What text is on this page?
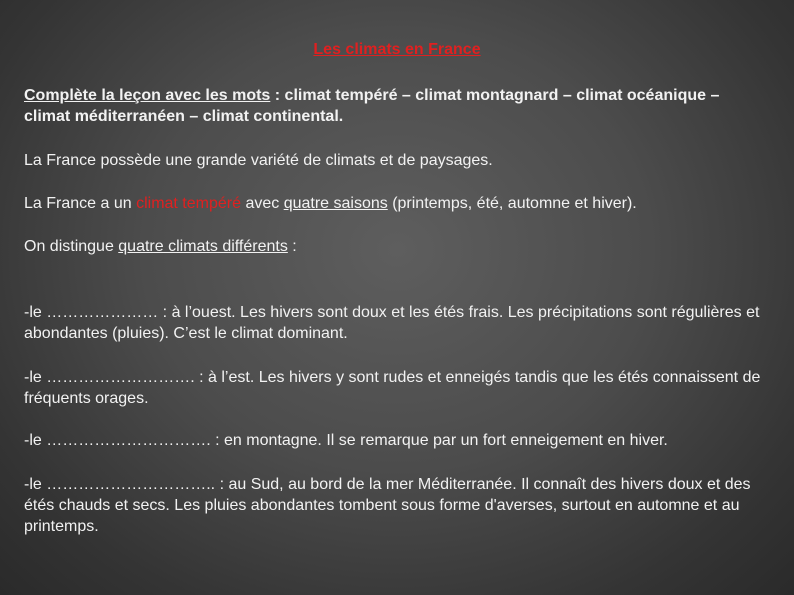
Les climats en France

Complète la leçon avec les mots : climat tempéré – climat montagnard – climat océanique – climat méditerranéen – climat continental.

La France possède une grande variété de climats et de paysages.

La France a un climat tempéré avec quatre saisons (printemps, été, automne et hiver).

On distingue quatre climats différents :

-le ………………… : à l’ouest. Les hivers sont doux et les étés frais. Les précipitations sont régulières et abondantes (pluies). C’est le climat dominant.

-le ………………………. : à l’est. Les hivers y sont rudes et enneigés tandis que les étés connaissent de fréquents orages.

-le …………………………. : en montagne. Il se remarque par un fort enneigement en hiver.

-le ………………………….. : au Sud, au bord de la mer Méditerranée. Il connaît des hivers doux et des étés chauds et secs. Les pluies abondantes tombent sous forme d'averses, surtout en automne et au printemps.
